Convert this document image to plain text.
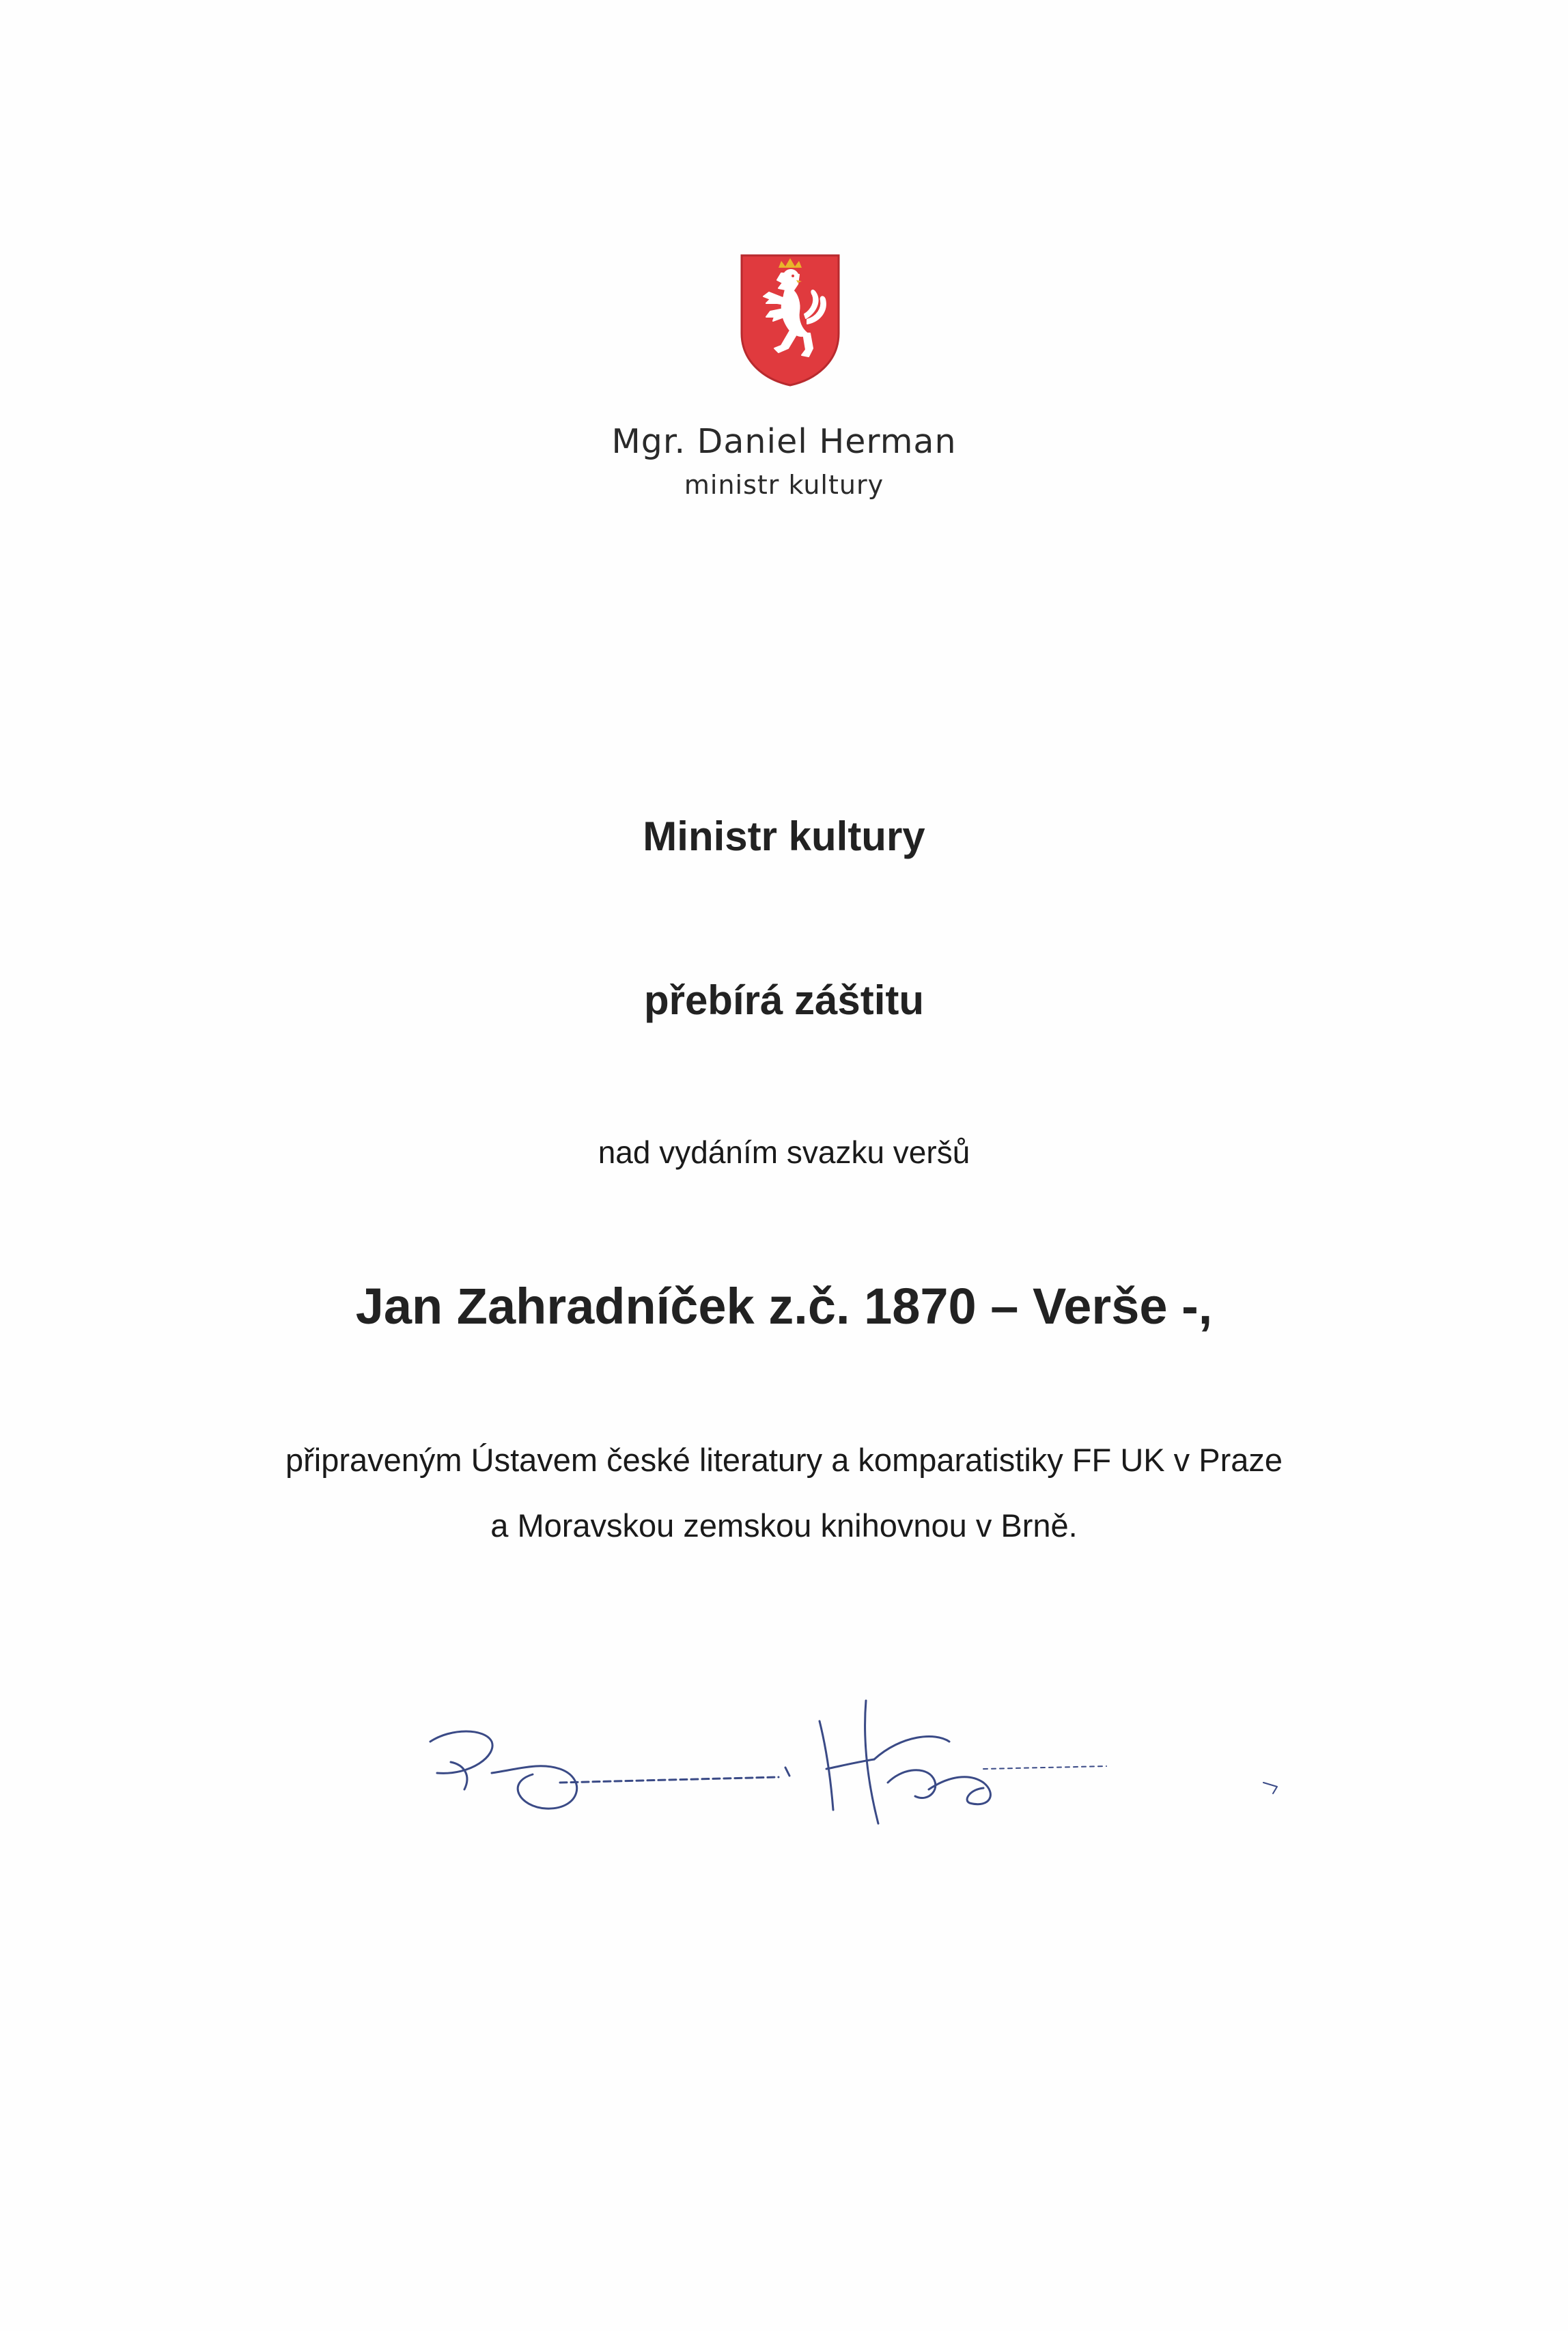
Mgr. Daniel Herman
ministr kultury
Ministr kultury
přebírá záštitu
nad vydáním svazku veršů
Jan Zahradníček z.č. 1870 – Verše -,
připraveným Ústavem české literatury a komparatistiky FF UK v Praze
a Moravskou zemskou knihovnou v Brně.
